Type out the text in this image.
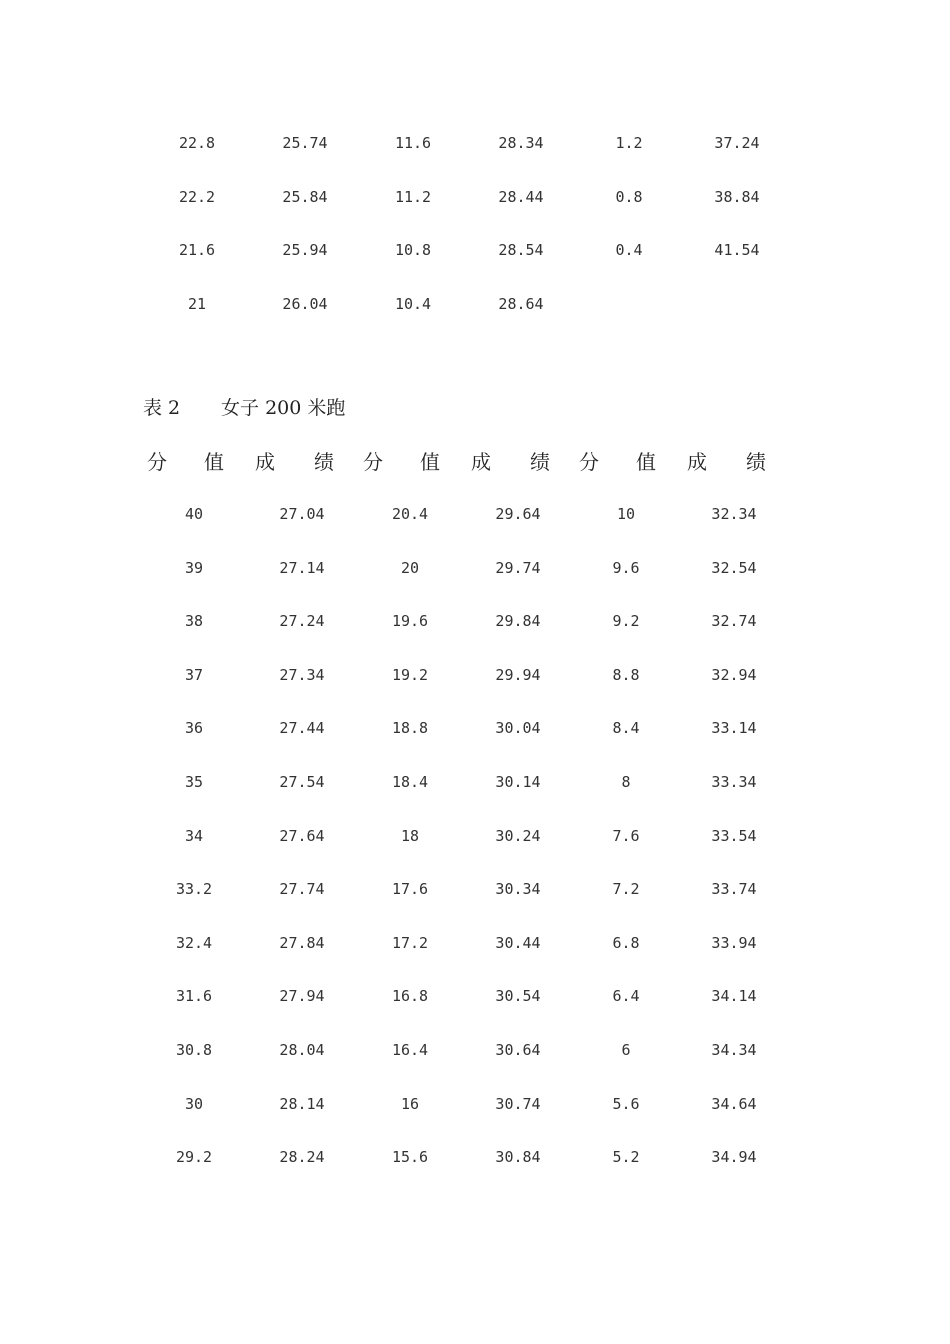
22.8	25.74	11.6	28.34	1.2	37.24
22.2	25.84	11.2	28.44	0.8	38.84
21.6	25.94	10.8	28.54	0.4	41.54
21	26.04	10.4	28.64
表 2 女子 200 米跑
分 值 成 绩 分 值 成 绩 分 值 成 绩
40	27.04	20.4	29.64	10	32.34
39	27.14	20	29.74	9.6	32.54
38	27.24	19.6	29.84	9.2	32.74
37	27.34	19.2	29.94	8.8	32.94
36	27.44	18.8	30.04	8.4	33.14
35	27.54	18.4	30.14	8	33.34
34	27.64	18	30.24	7.6	33.54
33.2	27.74	17.6	30.34	7.2	33.74
32.4	27.84	17.2	30.44	6.8	33.94
31.6	27.94	16.8	30.54	6.4	34.14
30.8	28.04	16.4	30.64	6	34.34
30	28.14	16	30.74	5.6	34.64
29.2	28.24	15.6	30.84	5.2	34.94
